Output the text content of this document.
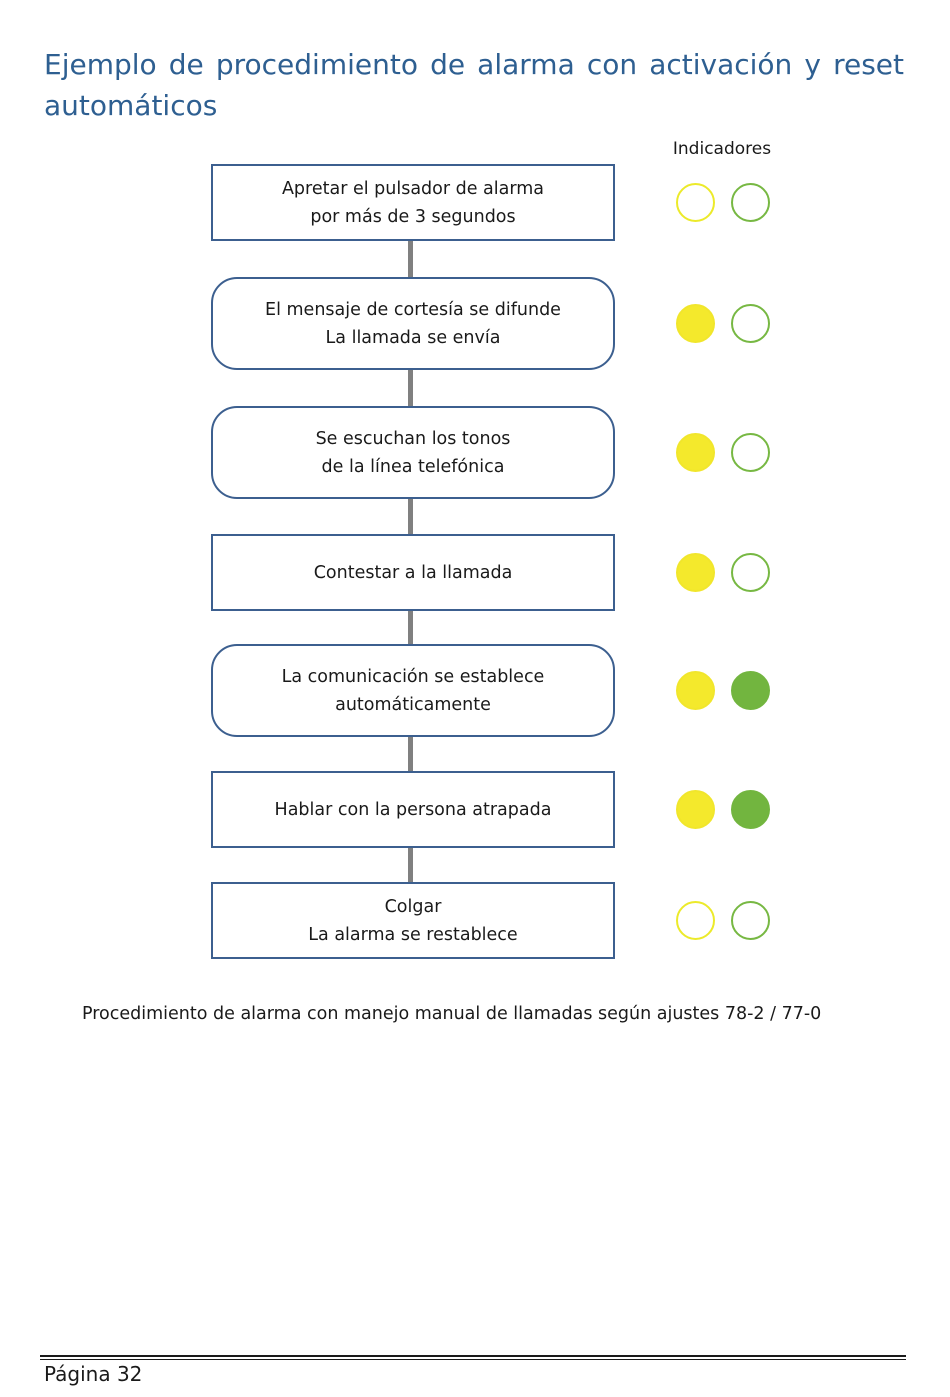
Ejemplo de procedimiento de alarma con activación y reset automáticos
Indicadores
Apretar el pulsador de alarma
por más de 3 segundos
El mensaje de cortesía se difunde
La llamada se envía
Se escuchan los tonos
de la línea telefónica
Contestar a la llamada
La comunicación se establece
automáticamente
Hablar con la persona atrapada
Colgar
La alarma se restablece
Procedimiento de alarma con manejo manual de llamadas según ajustes 78-2 / 77-0
Página 32
